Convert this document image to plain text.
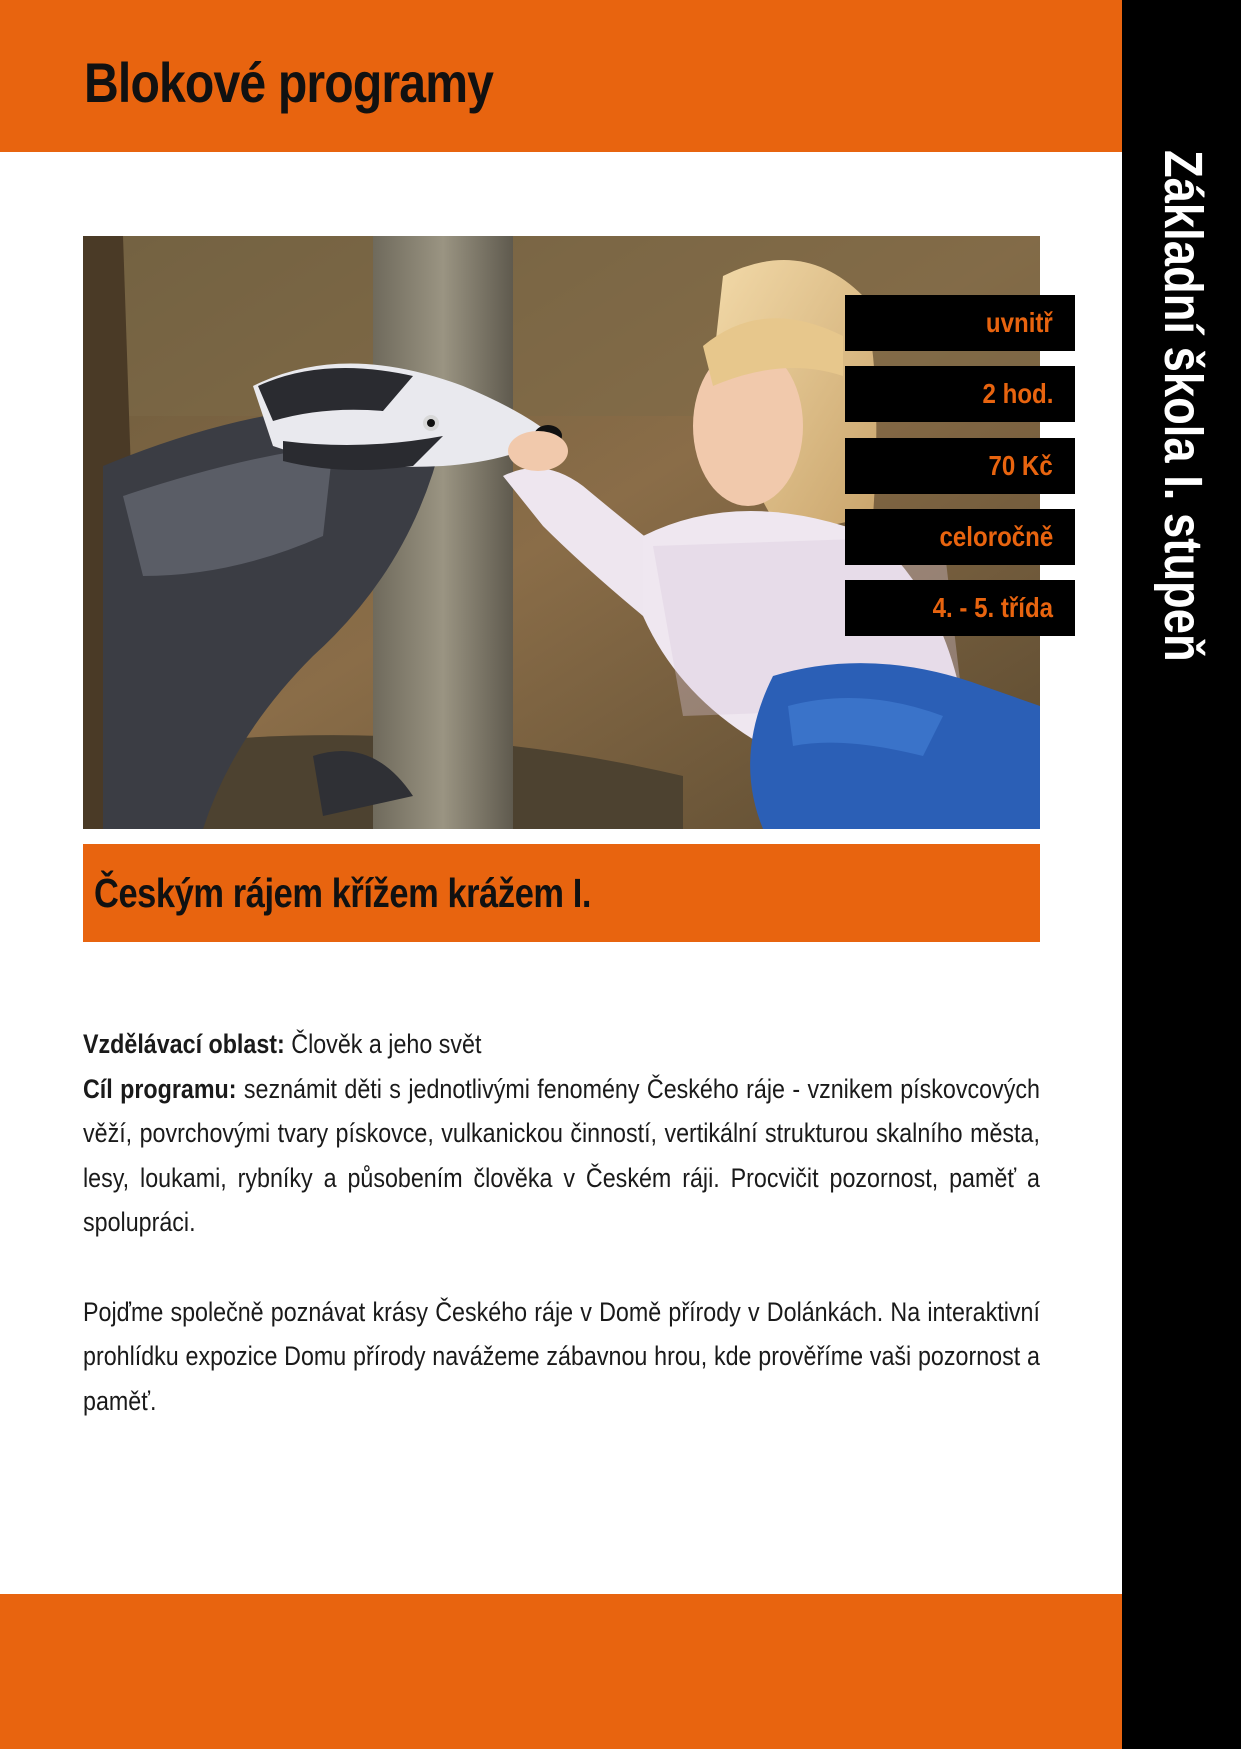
Blokové programy
Základní škola I. stupeň
uvnitř
2 hod.
70 Kč
celoročně
4. - 5. třída
Českým rájem křížem krážem I.

Vzdělávací oblast: Člověk a jeho svět
Cíl programu: seznámit děti s jednotlivými fenomény Českého ráje - vznikem pískovcových věží, povrchovými tvary pískovce, vulkanickou činností, vertikální strukturou skalního města, lesy, loukami, rybníky a působením člověka v Českém ráji. Procvičit pozornost, paměť a spolupráci.

Pojďme společně poznávat krásy Českého ráje v Domě přírody v Dolánkách. Na interaktivní prohlídku expozice Domu přírody navážeme zábavnou hrou, kde prověříme vaši pozornost a paměť.
